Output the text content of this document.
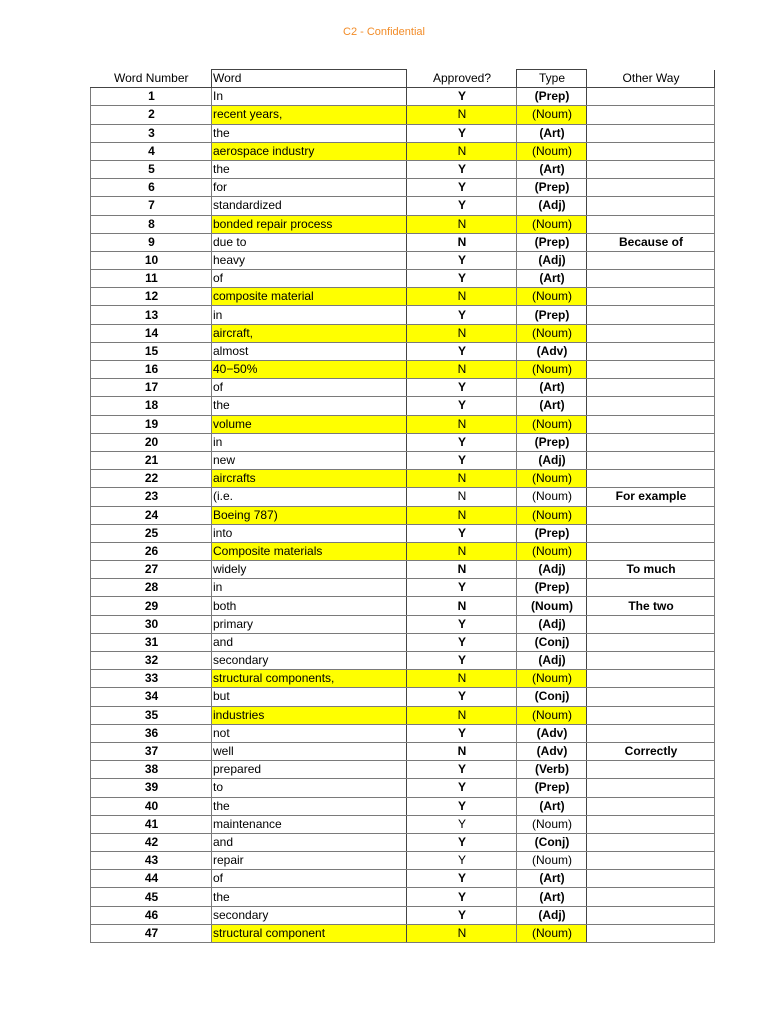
C2 - Confidential
Word Number	Word	Approved?	Type	Other Way
1	In	Y	(Prep)	
2	recent years,	N	(Noum)	
3	the	Y	(Art)	
4	aerospace industry	N	(Noum)	
5	the	Y	(Art)	
6	for	Y	(Prep)	
7	standardized	Y	(Adj)	
8	bonded repair process	N	(Noum)	
9	due to	N	(Prep)	Because of
10	heavy	Y	(Adj)	
11	of	Y	(Art)	
12	composite material	N	(Noum)	
13	in	Y	(Prep)	
14	aircraft,	N	(Noum)	
15	almost	Y	(Adv)	
16	40−50%	N	(Noum)	
17	of	Y	(Art)	
18	the	Y	(Art)	
19	volume	N	(Noum)	
20	in	Y	(Prep)	
21	new	Y	(Adj)	
22	aircrafts	N	(Noum)	
23	(i.e.	N	(Noum)	For example
24	Boeing 787)	N	(Noum)	
25	into	Y	(Prep)	
26	Composite materials	N	(Noum)	
27	widely	N	(Adj)	To much
28	in	Y	(Prep)	
29	both	N	(Noum)	The two
30	primary	Y	(Adj)	
31	and	Y	(Conj)	
32	secondary	Y	(Adj)	
33	structural components,	N	(Noum)	
34	but	Y	(Conj)	
35	industries	N	(Noum)	
36	not	Y	(Adv)	
37	well	N	(Adv)	Correctly
38	prepared	Y	(Verb)	
39	to	Y	(Prep)	
40	the	Y	(Art)	
41	maintenance	Y	(Noum)	
42	and	Y	(Conj)	
43	repair	Y	(Noum)	
44	of	Y	(Art)	
45	the	Y	(Art)	
46	secondary	Y	(Adj)	
47	structural component	N	(Noum)	
